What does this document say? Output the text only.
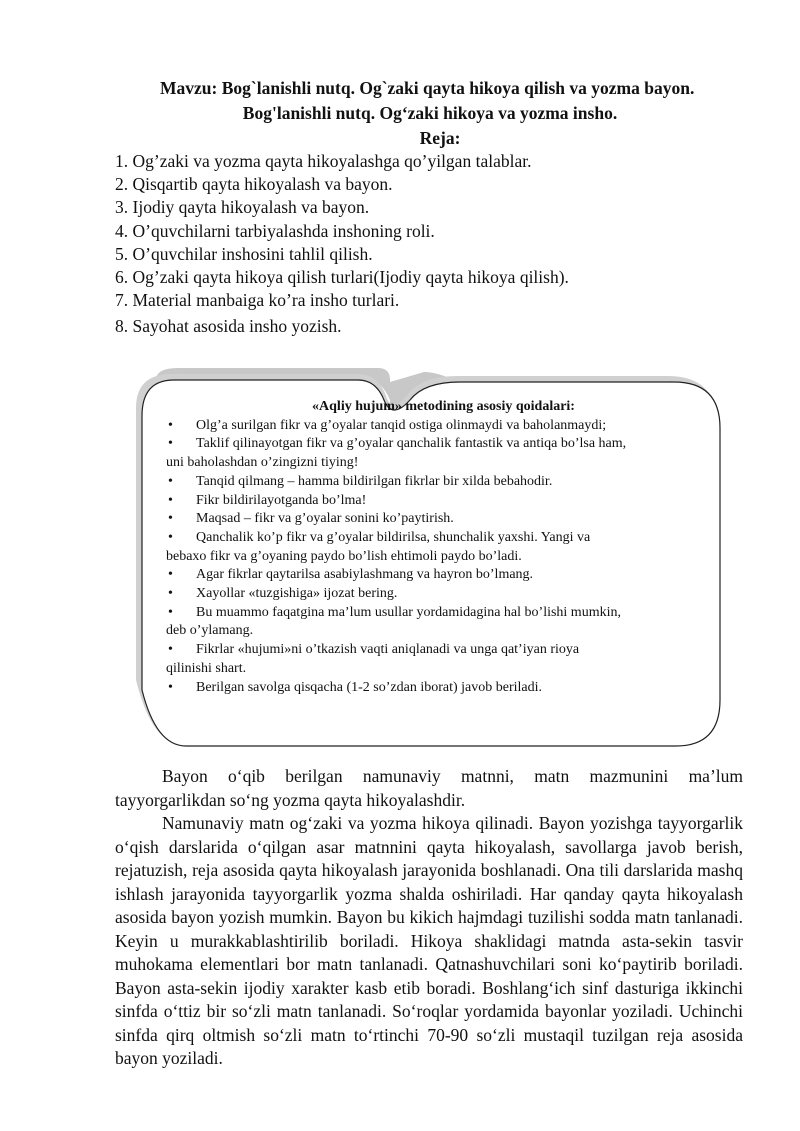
Mavzu: Bog`lanishli nutq. Og`zaki qayta hikoya qilish va yozma bayon.
Bog'lanishli nutq. Og‘zaki hikoya va yozma insho.
Reja:
1. Og’zaki va yozma qayta hikoyalashga qo’yilgan talablar.
2. Qisqartib qayta hikoyalash va bayon.
3. Ijodiy qayta hikoyalash va bayon.
4. O’quvchilarni tarbiyalashda inshoning roli.
5. O’quvchilar inshosini tahlil qilish.
6. Og’zaki qayta hikoya qilish turlari(Ijodiy qayta hikoya qilish).
7. Material manbaiga ko’ra insho turlari.
8. Sayohat asosida insho yozish.
«Aqliy hujum» metodining asosiy qoidalari:
• Olg’a surilgan fikr va g’oyalar tanqid ostiga olinmaydi va baholanmaydi;
• Taklif qilinayotgan fikr va g’oyalar qanchalik fantastik va antiqa bo’lsa ham,
uni baholashdan o’zingizni tiying!
• Tanqid qilmang – hamma bildirilgan fikrlar bir xilda bebahodir.
• Fikr bildirilayotganda bo’lma!
• Maqsad – fikr va g’oyalar sonini ko’paytirish.
• Qanchalik ko’p fikr va g’oyalar bildirilsa, shunchalik yaxshi. Yangi va
bebaxo fikr va g’oyaning paydo bo’lish ehtimoli paydo bo’ladi.
• Agar fikrlar qaytarilsa asabiylashmang va hayron bo’lmang.
• Xayollar «tuzgishiga» ijozat bering.
• Bu muammo faqatgina ma’lum usullar yordamidagina hal bo’lishi mumkin,
deb o’ylamang.
• Fikrlar «hujumi»ni o’tkazish vaqti aniqlanadi va unga qat’iyan rioya
qilinishi shart.
• Berilgan savolga qisqacha (1-2 so’zdan iborat) javob beriladi.

Bayon o‘qib berilgan namunaviy matnni, matn mazmunini ma’lum tayyorgarlikdan so‘ng yozma qayta hikoyalashdir.

Namunaviy matn og‘zaki va yozma hikoya qilinadi. Bayon yozishga tayyorgarlik o‘qish darslarida o‘qilgan asar matnnini qayta hikoyalash, savollarga javob berish, rejatuzish, reja asosida qayta hikoyalash jarayonida boshlanadi. Ona tili darslarida mashq ishlash jarayonida tayyorgarlik yozma shalda oshiriladi. Har qanday qayta hikoyalash asosida bayon yozish mumkin. Bayon bu kikich hajmdagi tuzilishi sodda matn tanlanadi. Keyin u murakkablashtirilib boriladi. Hikoya shaklidagi matnda asta-sekin tasvir muhokama elementlari bor matn tanlanadi. Qatnashuvchilari soni ko‘paytirib boriladi. Bayon asta-sekin ijodiy xarakter kasb etib boradi. Boshlang‘ich sinf dasturiga ikkinchi sinfda o‘ttiz bir so‘zli matn tanlanadi. So‘roqlar yordamida bayonlar yoziladi. Uchinchi sinfda qirq oltmish so‘zli matn to‘rtinchi 70-90 so‘zli mustaqil tuzilgan reja asosida bayon yoziladi.
